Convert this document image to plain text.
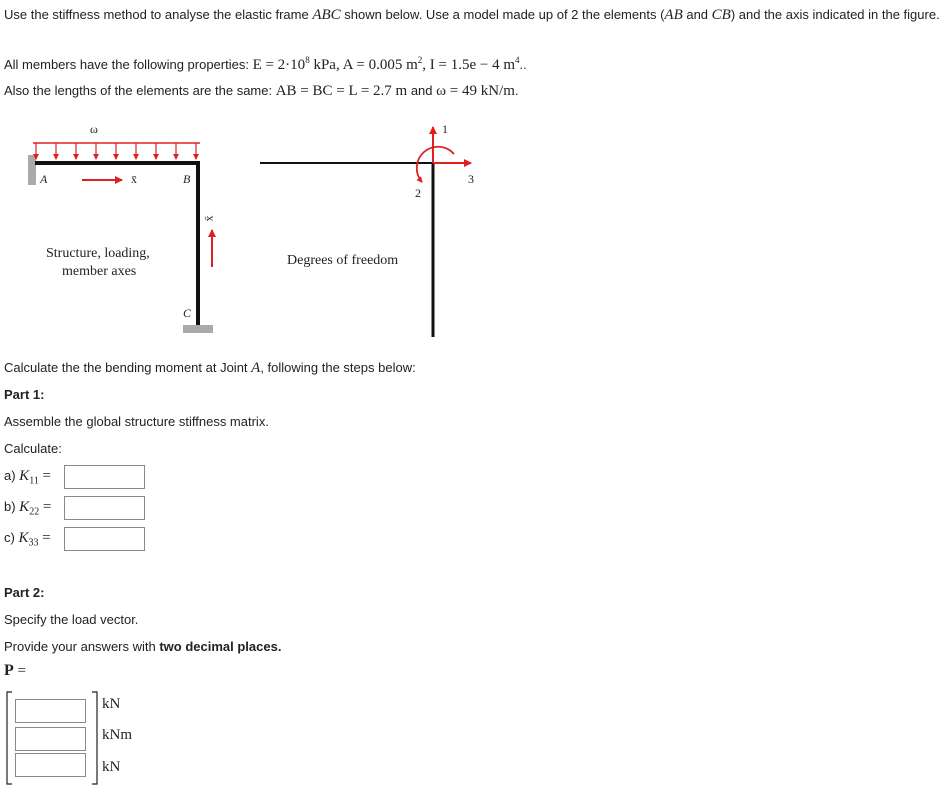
Use the stiffness method to analyse the elastic frame ABC shown below. Use a model made up of 2 the elements (AB and CB) and the axis indicated in the figure.
All members have the following properties: $E = 2\cdot 10^8$ kPa, A = 0.005 $m^2$, I = 1.5e − 4 $m^4$..
Also the lengths of the elements are the same: AB = BC = L = 2.7 m and ω = 49 kN/m.
ω
A	B
C
x̄
x̄
Structure, loading,
member axes
Degrees of freedom
1
2
3
Calculate the the bending moment at Joint A, following the steps below:
Part 1:
Assemble the global structure stiffness matrix.
Calculate:
a) $K_{11}$ =
b) $K_{22}$ =
c) $K_{33}$ =
Part 2:
Specify the load vector.
Provide your answers with two decimal places.
P =
kN
kNm
kN
